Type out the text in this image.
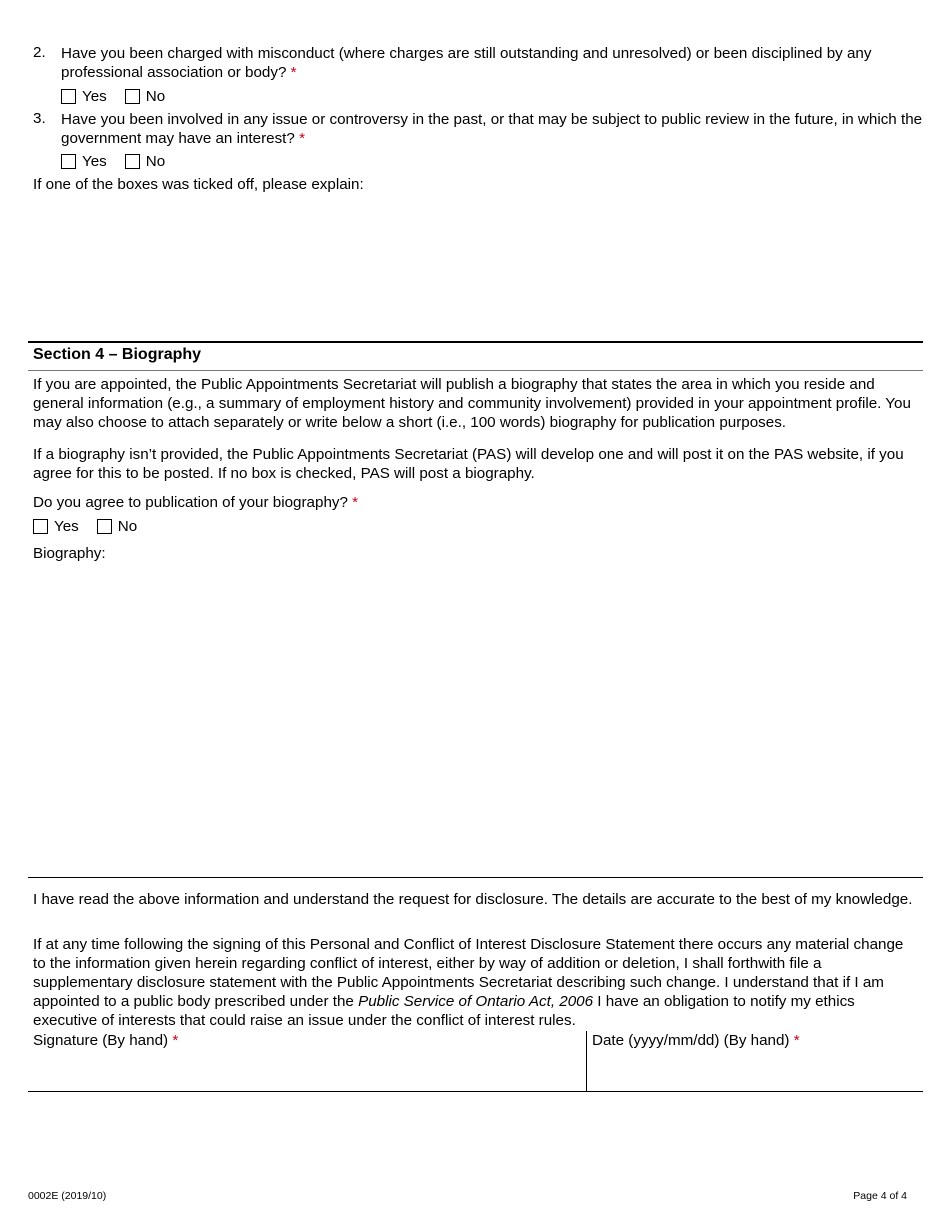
2. Have you been charged with misconduct (where charges are still outstanding and unresolved) or been disciplined by any professional association or body? *
Yes	No
3. Have you been involved in any issue or controversy in the past, or that may be subject to public review in the future, in which the government may have an interest? *
Yes	No
If one of the boxes was ticked off, please explain:
Section 4 – Biography
If you are appointed, the Public Appointments Secretariat will publish a biography that states the area in which you reside and general information (e.g., a summary of employment history and community involvement) provided in your appointment profile. You may also choose to attach separately or write below a short (i.e., 100 words) biography for publication purposes.
If a biography isn’t provided, the Public Appointments Secretariat (PAS) will develop one and will post it on the PAS website, if you agree for this to be posted. If no box is checked, PAS will post a biography.
Do you agree to publication of your biography? *
Yes	No
Biography:
I have read the above information and understand the request for disclosure. The details are accurate to the best of my knowledge.
If at any time following the signing of this Personal and Conflict of Interest Disclosure Statement there occurs any material change to the information given herein regarding conflict of interest, either by way of addition or deletion, I shall forthwith file a supplementary disclosure statement with the Public Appointments Secretariat describing such change. I understand that if I am appointed to a public body prescribed under the Public Service of Ontario Act, 2006 I have an obligation to notify my ethics executive of interests that could raise an issue under the conflict of interest rules.
Signature (By hand) *	Date (yyyy/mm/dd) (By hand) *
0002E (2019/10)	Page 4 of 4
